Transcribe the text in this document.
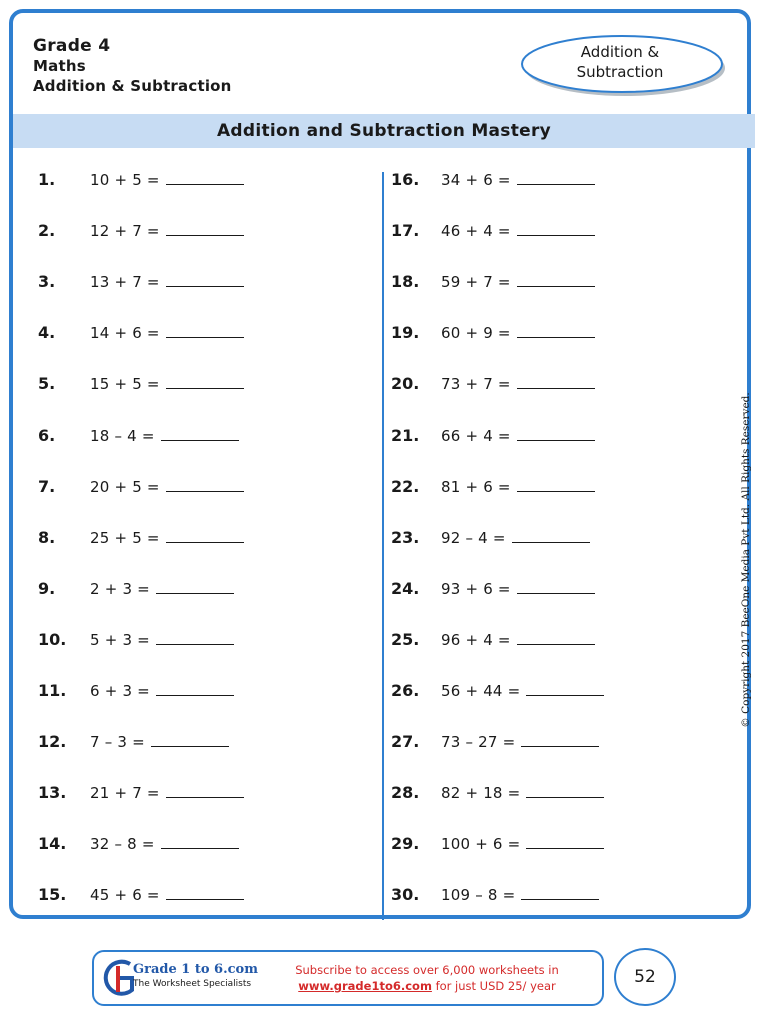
Grade 4
Maths
Addition & Subtraction
Addition &
Subtraction
Addition and Subtraction Mastery
1.	10 + 5 =
2.	12 + 7 =
3.	13 + 7 =
4.	14 + 6 =
5.	15 + 5 =
6.	18 – 4 =
7.	20 + 5 =
8.	25 + 5 =
9.	2 + 3 =
10.	5 + 3 =
11.	6 + 3 =
12.	7 – 3 =
13.	21 + 7 =
14.	32 – 8 =
15.	45 + 6 =
16.	34 + 6 =
17.	46 + 4 =
18.	59 + 7 =
19.	60 + 9 =
20.	73 + 7 =
21.	66 + 4 =
22.	81 + 6 =
23.	92 – 4 =
24.	93 + 6 =
25.	96 + 4 =
26.	56 + 44 =
27.	73 – 27 =
28.	82 + 18 =
29.	100 + 6 =
30.	109 – 8 =
© Copyright 2017 BeeOne Media Pvt Ltd. All Rights Reserved.
Grade 1 to 6.com
The Worksheet Specialists
Subscribe to access over 6,000 worksheets in
www.grade1to6.com for just USD 25/ year	52
